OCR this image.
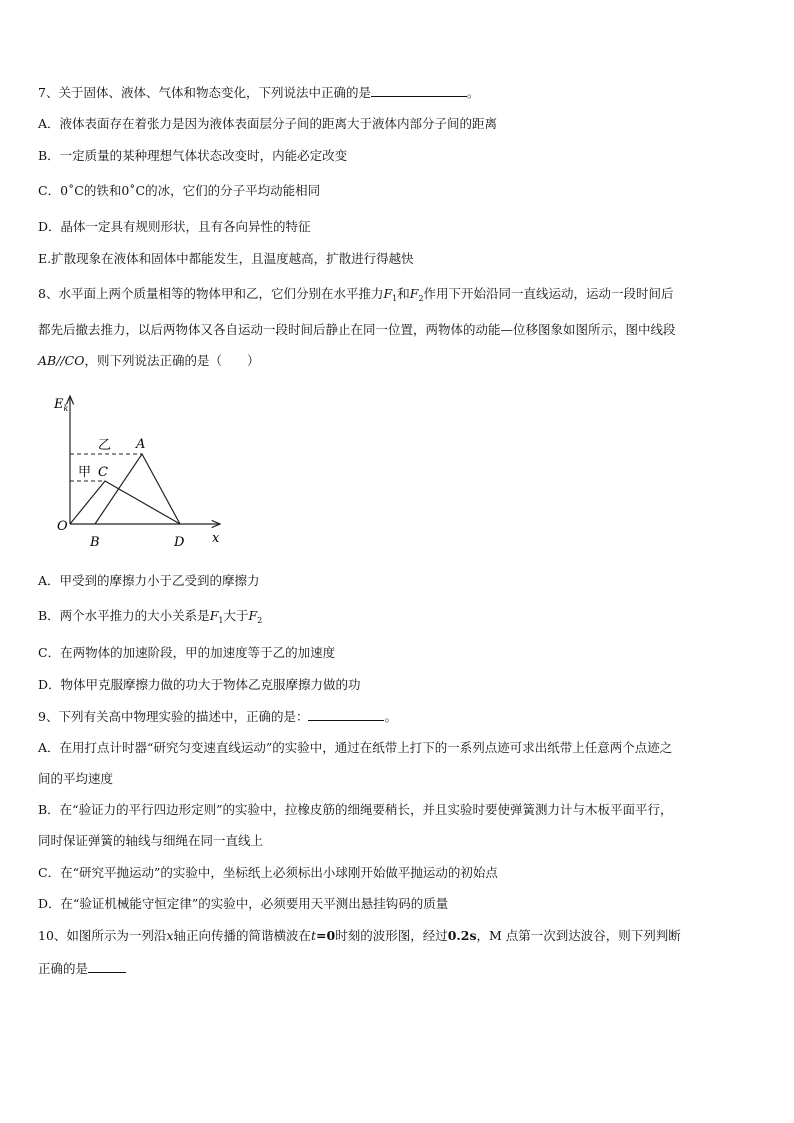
7、关于固体、液体、气体和物态变化，下列说法中正确的是	。
A．液体表面存在着张力是因为液体表面层分子间的距离大于液体内部分子间的距离
B．一定质量的某种理想气体状态改变时，内能必定改变
C．0˚C的铁和0˚C的冰，它们的分子平均动能相同
D．晶体一定具有规则形状，且有各向异性的特征
E.扩散现象在液体和固体中都能发生，且温度越高，扩散进行得越快
8、水平面上两个质量相等的物体甲和乙，它们分别在水平推力$F_1$和$F_2$作用下开始沿同一直线运动，运动一段时间后
都先后撤去推力，以后两物体又各自运动一段时间后静止在同一位置，两物体的动能—位移图象如图所示，图中线段
AB//CO，则下列说法正确的是（　　）
$E_k$
x
O
B	D
A
C
乙
甲
A．甲受到的摩擦力小于乙受到的摩擦力
B．两个水平推力的大小关系是$F_1$大于$F_2$
C．在两物体的加速阶段，甲的加速度等于乙的加速度
D．物体甲克服摩擦力做的功大于物体乙克服摩擦力做的功
9、下列有关高中物理实验的描述中，正确的是：	。
A．在用打点计时器“研究匀变速直线运动”的实验中，通过在纸带上打下的一系列点迹可求出纸带上任意两个点迹之
间的平均速度
B．在“验证力的平行四边形定则”的实验中，拉橡皮筋的细绳要稍长，并且实验时要使弹簧测力计与木板平面平行，
同时保证弹簧的轴线与细绳在同一直线上
C．在“研究平抛运动”的实验中，坐标纸上必须标出小球刚开始做平抛运动的初始点
D．在“验证机械能守恒定律”的实验中，必须要用天平测出悬挂钩码的质量
10、如图所示为一列沿x轴正向传播的简谐横波在t=0时刻的波形图，经过0.2s，M 点第一次到达波谷，则下列判断
正确的是
